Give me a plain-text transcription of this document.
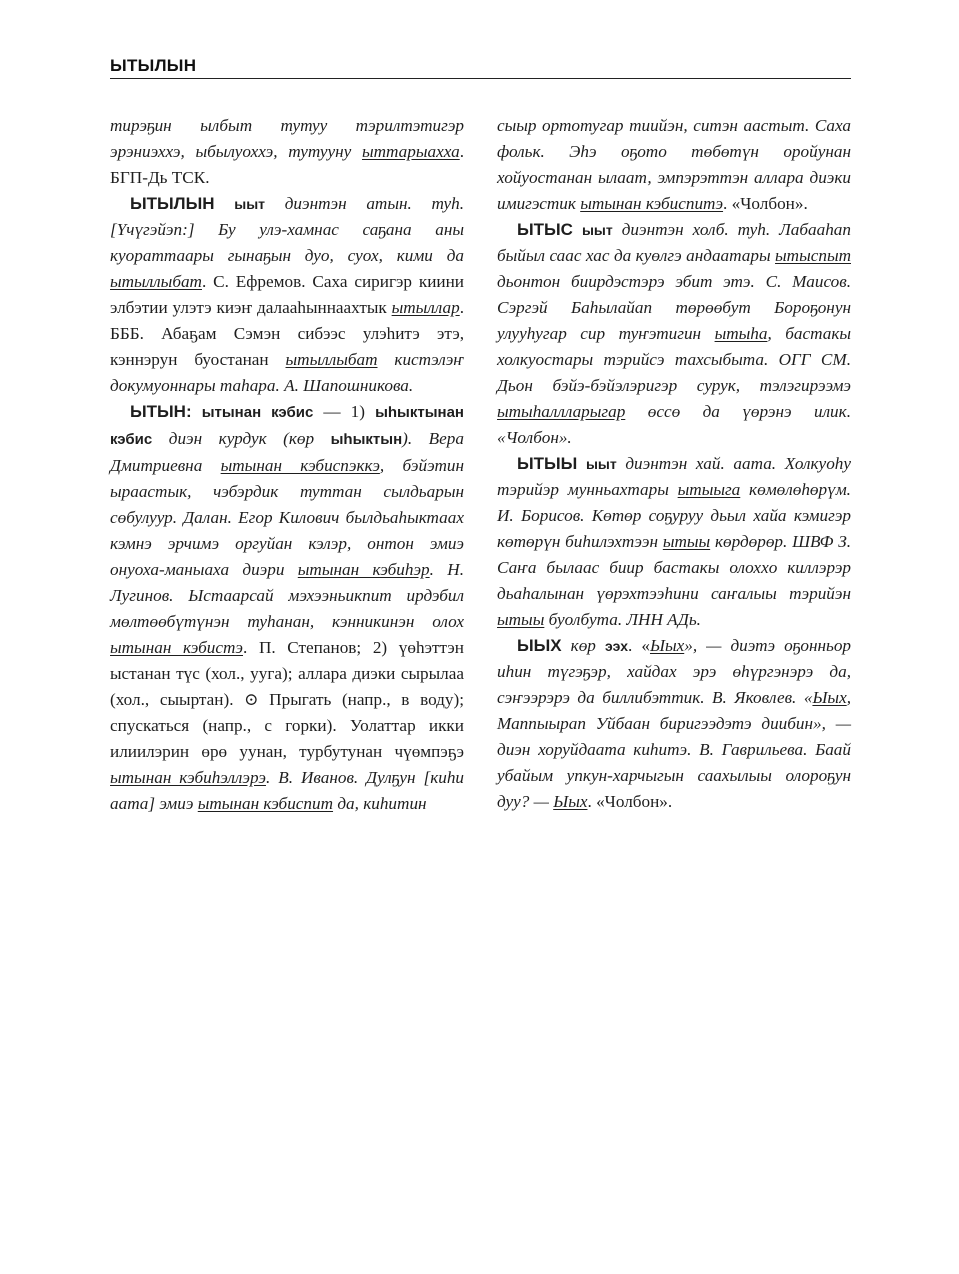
ЫТЫЛЫН

тирэҕин ылбыт тутуу тэрилтэтигэр эрэниэххэ, ыбылуоххэ, тутууну ыттарыахха. БГП-Дь ТСК.

ЫТЫЛЫН ыыт диэнтэн атын. туһ. [Үчүгэйэп:] Бу улэ-хамнас саҕана аны куораттаары гынаҕын дуо, суох, кими да ытыллыбат. С. Ефремов. Саха сиригэр киини элбэтии улэтэ киэҥ далааһыннаахтык ытыллар. БББ. Абаҕам Сэмэн сибээс улэһитэ этэ, кэннэрун буостанан ытыллыбат кистэлэҥ докумуоннары таһара. А. Шапошникова.

ЫТЫН: ытынан кэбис — 1) ыһыктынан кэбис диэн курдук (көр ыһыктын). Вера Дмитриевна ытынан кэбиспэккэ, бэйэтин ыраастык, чэбэрдик туттан сылдьарын сөбулуур. Далан. Егор Килович былдьаһыктаах кэмнэ эрчимэ оргуйан кэлэр, онтон эмиэ онуоха-маныаха диэри ытынан кэбиһэр. Н. Лугинов. Ыстаарсай мэхээньикпит ирдэбил мөлтөөбүтүнэн туһанан, кэнникинэн олох ытынан кэбистэ. П. Степанов; 2) үөһэттэн ыстанан түс (хол., ууга); аллара диэки сырылаа (хол., сыыртан). ⊙ Прыгать (напр., в воду); спускаться (напр., с горки). Уолаттар икки илиилэрин өрө уунан, турбутунан чүөмпэҕэ ытынан кэбиһэллэрэ. В. Иванов. Дулҕун [киһи аата] эмиэ ытынан кэбиспит да, киһитин

сыыр ортотугар тиийэн, ситэн аастыт. Саха фольк. Эһэ оҕото төбөтүн оройунан хойуостанан ылаат, эмпэрэттэн аллара диэки имигэстик ытынан кэбиспитэ. «Чолбон».

ЫТЫС ыыт диэнтэн холб. туһ. Лабааһап быйыл саас хас да куөлгэ андаатары ытыспыт дьонтон биирдэстэрэ эбит этэ. С. Маисов. Сэргэй Баһылайап төрөөбут Бороҕонун улууһугар сир туҥэтигин ытыһа, бастакы холкуостары тэрийсэ тахсыбыта. ОГГ СМ. Дьон бэйэ-бэйэлэригэр сурук, тэлэгирээмэ ытыһаллларыгар өссө да үөрэнэ илик. «Чолбон».

ЫТЫЫ ыыт диэнтэн хай. аата. Холкуоһу тэрийэр мунньахтары ытыыга көмөлөһөрүм. И. Борисов. Көтөр соҕуруу дьыл хайа кэмигэр көтөрүн биһилэхтээн ытыы көрдөрөр. ШВФ З. Саҥа былаас биир бастакы олохxо киллэрэр дьаһалынан үөрэхтээһини саҥалыы тэрийэн ытыы буолбута. ЛНН АДь.

ЫЫХ көр ээх. «Ыых», — диэтэ оҕонньор иһин түгэҕэр, хайдах эрэ өһүргэнэрэ да, сэҥээрэрэ да биллибэттик. В. Яковлев. «Ыых, Маппыырап Уйбаан биригээдэтэ диибин», — диэн хоруйдаата киһитэ. В. Гаврильева. Баай убайым упкун-харчыгын саахылыы олороҕун дуу? — Ыых. «Чолбон».
